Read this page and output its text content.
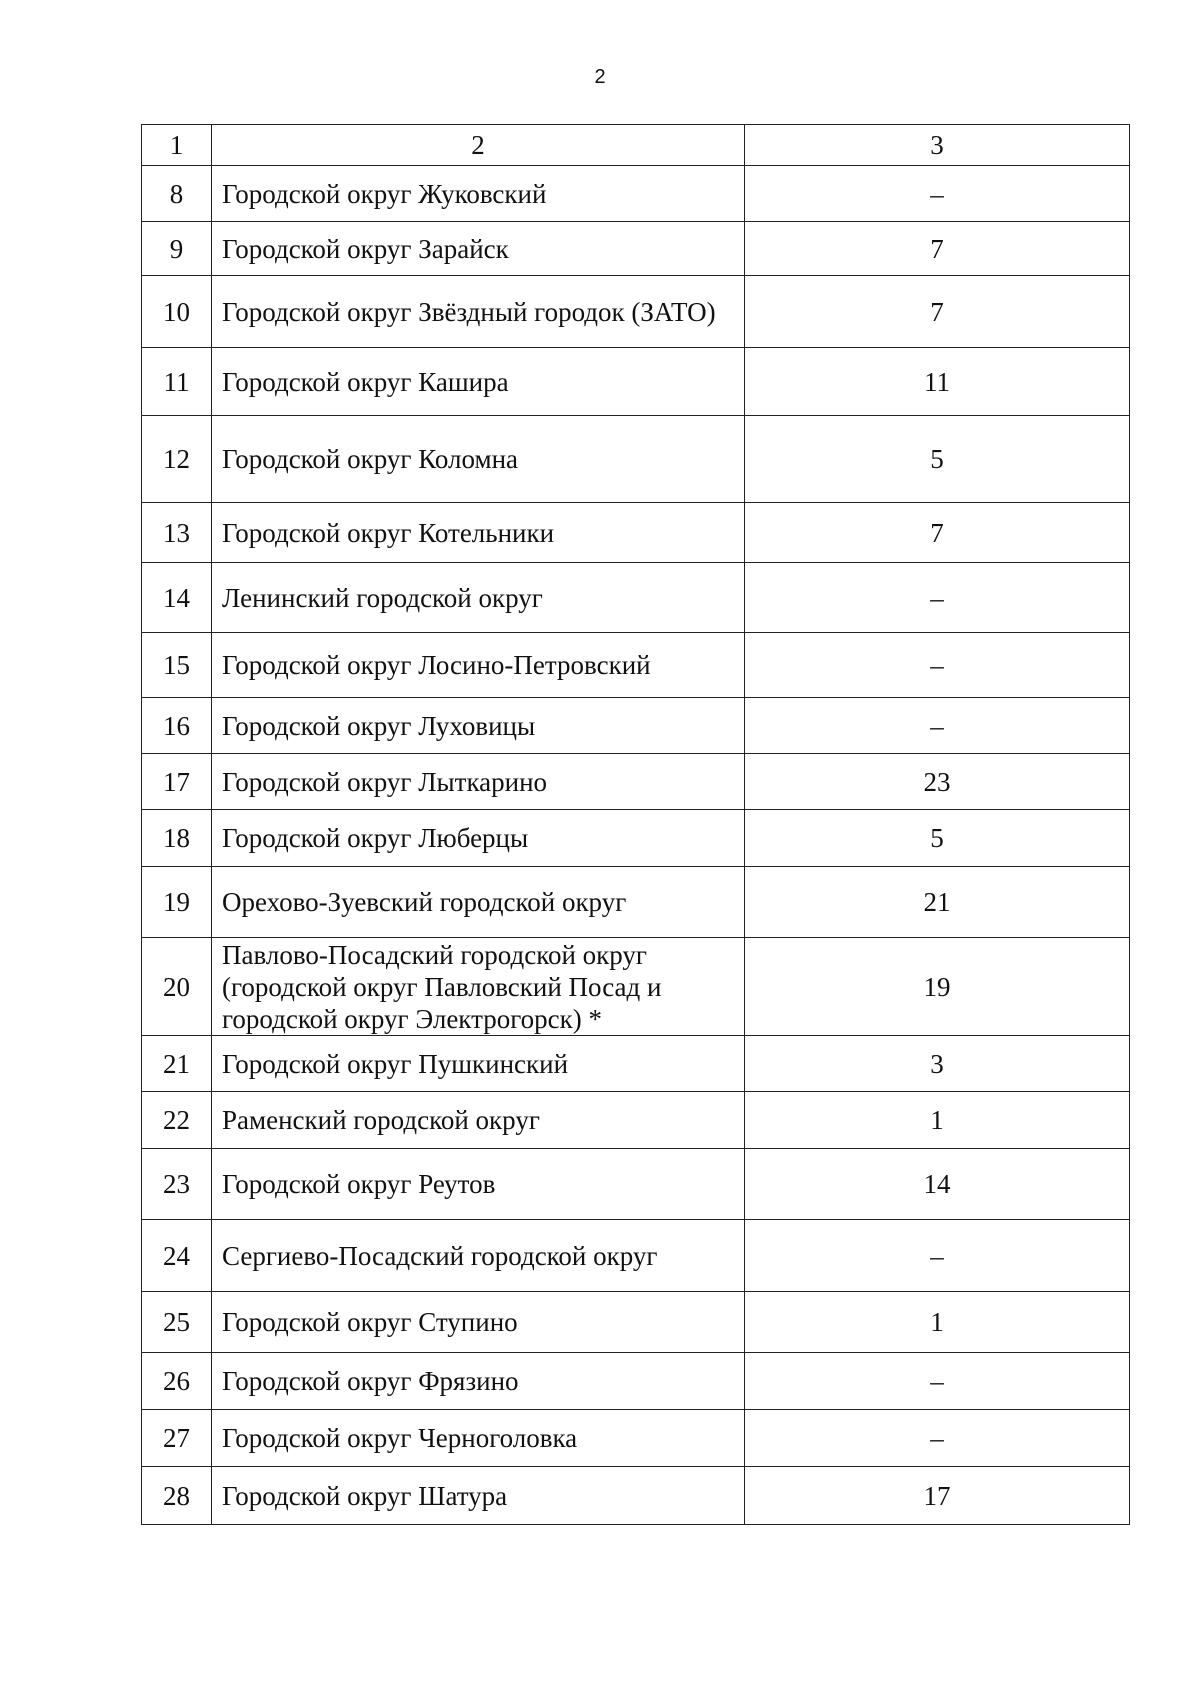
2
1	2	3
8	Городской округ Жуковский	–
9	Городской округ Зарайск	7
10	Городской округ Звёздный городок (ЗАТО)	7
11	Городской округ Кашира	11
12	Городской округ Коломна	5
13	Городской округ Котельники	7
14	Ленинский городской округ	–
15	Городской округ Лосино-Петровский	–
16	Городской округ Луховицы	–
17	Городской округ Лыткарино	23
18	Городской округ Люберцы	5
19	Орехово-Зуевский городской округ	21
20	Павлово-Посадский городской округ (городской округ Павловский Посад и городской округ Электрогорск) *	19
21	Городской округ Пушкинский	3
22	Раменский городской округ	1
23	Городской округ Реутов	14
24	Сергиево-Посадский городской округ	–
25	Городской округ Ступино	1
26	Городской округ Фрязино	–
27	Городской округ Черноголовка	–
28	Городской округ Шатура	17
